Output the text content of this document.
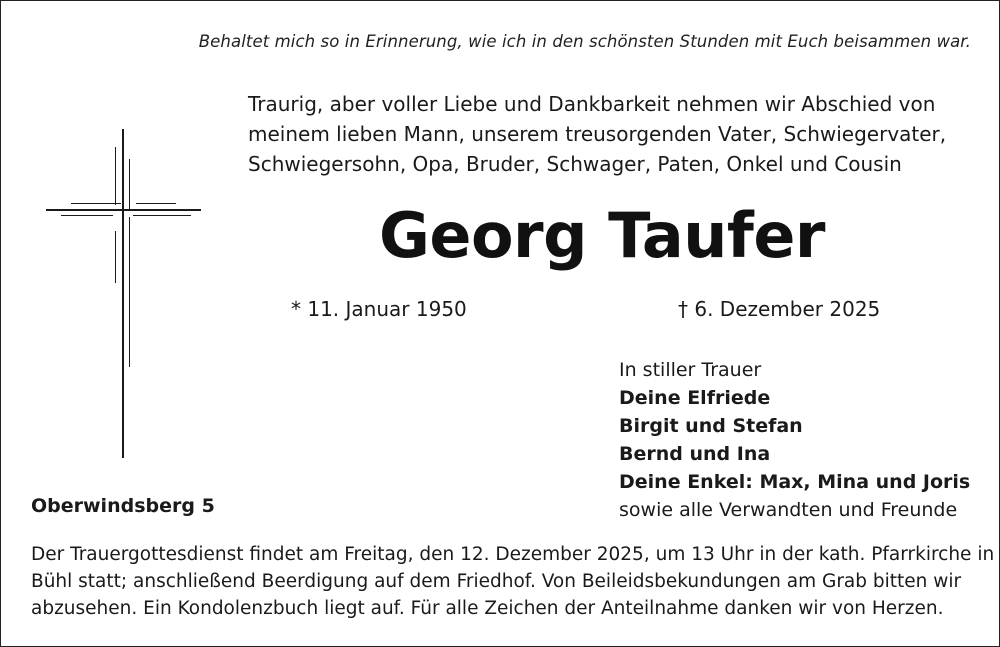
Behaltet mich so in Erinnerung, wie ich in den schönsten Stunden mit Euch beisammen war.
Traurig, aber voller Liebe und Dankbarkeit nehmen wir Abschied von
meinem lieben Mann, unserem treusorgenden Vater, Schwiegervater,
Schwiegersohn, Opa, Bruder, Schwager, Paten, Onkel und Cousin
Georg Taufer
* 11. Januar 1950	† 6. Dezember 2025
In stiller Trauer
Deine Elfriede
Birgit und Stefan
Bernd und Ina
Deine Enkel: Max, Mina und Joris
sowie alle Verwandten und Freunde
Oberwindsberg 5
Der Trauergottesdienst findet am Freitag, den 12. Dezember 2025, um 13 Uhr in der kath. Pfarrkirche in
Bühl statt; anschließend Beerdigung auf dem Friedhof. Von Beileidsbekundungen am Grab bitten wir
abzusehen. Ein Kondolenzbuch liegt auf. Für alle Zeichen der Anteilnahme danken wir von Herzen.
